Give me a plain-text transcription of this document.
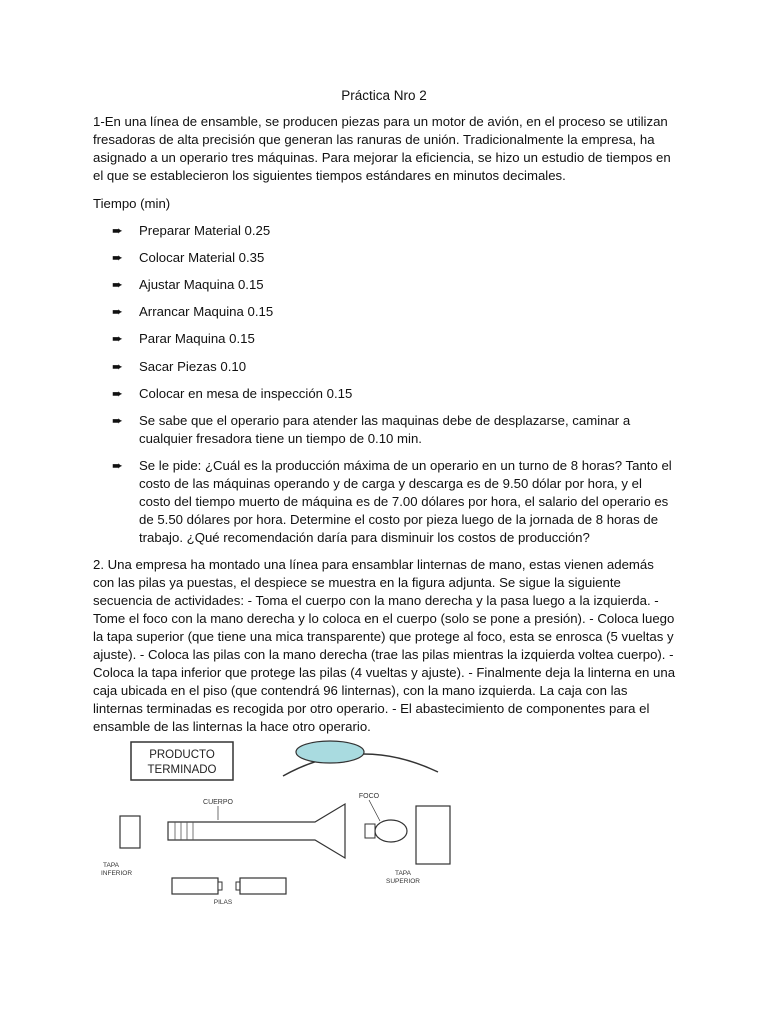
Práctica Nro 2

1-En una línea de ensamble, se producen piezas para un motor de avión, en el proceso se utilizan fresadoras de alta precisión que generan las ranuras de unión. Tradicionalmente la empresa, ha asignado a un operario tres máquinas. Para mejorar la eficiencia, se hizo un estudio de tiempos en el que se establecieron los siguientes tiempos estándares en minutos decimales.

Tiempo (min)

➨	Preparar Material 0.25
➨	Colocar Material 0.35
➨	Ajustar Maquina 0.15
➨	Arrancar Maquina 0.15
➨	Parar Maquina 0.15
➨	Sacar Piezas 0.10
➨	Colocar en mesa de inspección 0.15
➨	Se sabe que el operario para atender las maquinas debe de desplazarse, caminar a cualquier fresadora tiene un tiempo de 0.10 min.
➨	Se le pide: ¿Cuál es la producción máxima de un operario en un turno de 8 horas? Tanto el costo de las máquinas operando y de carga y descarga es de 9.50 dólar por hora, y el costo del tiempo muerto de máquina es de 7.00 dólares por hora, el salario del operario es de 5.50 dólares por hora. Determine el costo por pieza luego de la jornada de 8 horas de trabajo. ¿Qué recomendación daría para disminuir los costos de producción?

2. Una empresa ha montado una línea para ensamblar linternas de mano, estas vienen además con las pilas ya puestas, el despiece se muestra en la figura adjunta. Se sigue la siguiente secuencia de actividades: - Toma el cuerpo con la mano derecha y la pasa luego a la izquierda. - Tome el foco con la mano derecha y lo coloca en el cuerpo (solo se pone a presión). - Coloca luego la tapa superior (que tiene una mica transparente) que protege al foco, esta se enrosca (5 vueltas y ajuste). - Coloca las pilas con la mano derecha (trae las pilas mientras la izquierda voltea cuerpo). - Coloca la tapa inferior que protege las pilas (4 vueltas y ajuste). - Finalmente deja la linterna en una caja ubicada en el piso (que contendrá 96 linternas), con la mano izquierda. La caja con las linternas terminadas es recogida por otro operario. - El abastecimiento de componentes para el ensamble de las linternas la hace otro operario.

PRODUCTO
TERMINADO
CUERPO
FOCO
TAPA
SUPERIOR
TAPA
INFERIOR
PILAS
